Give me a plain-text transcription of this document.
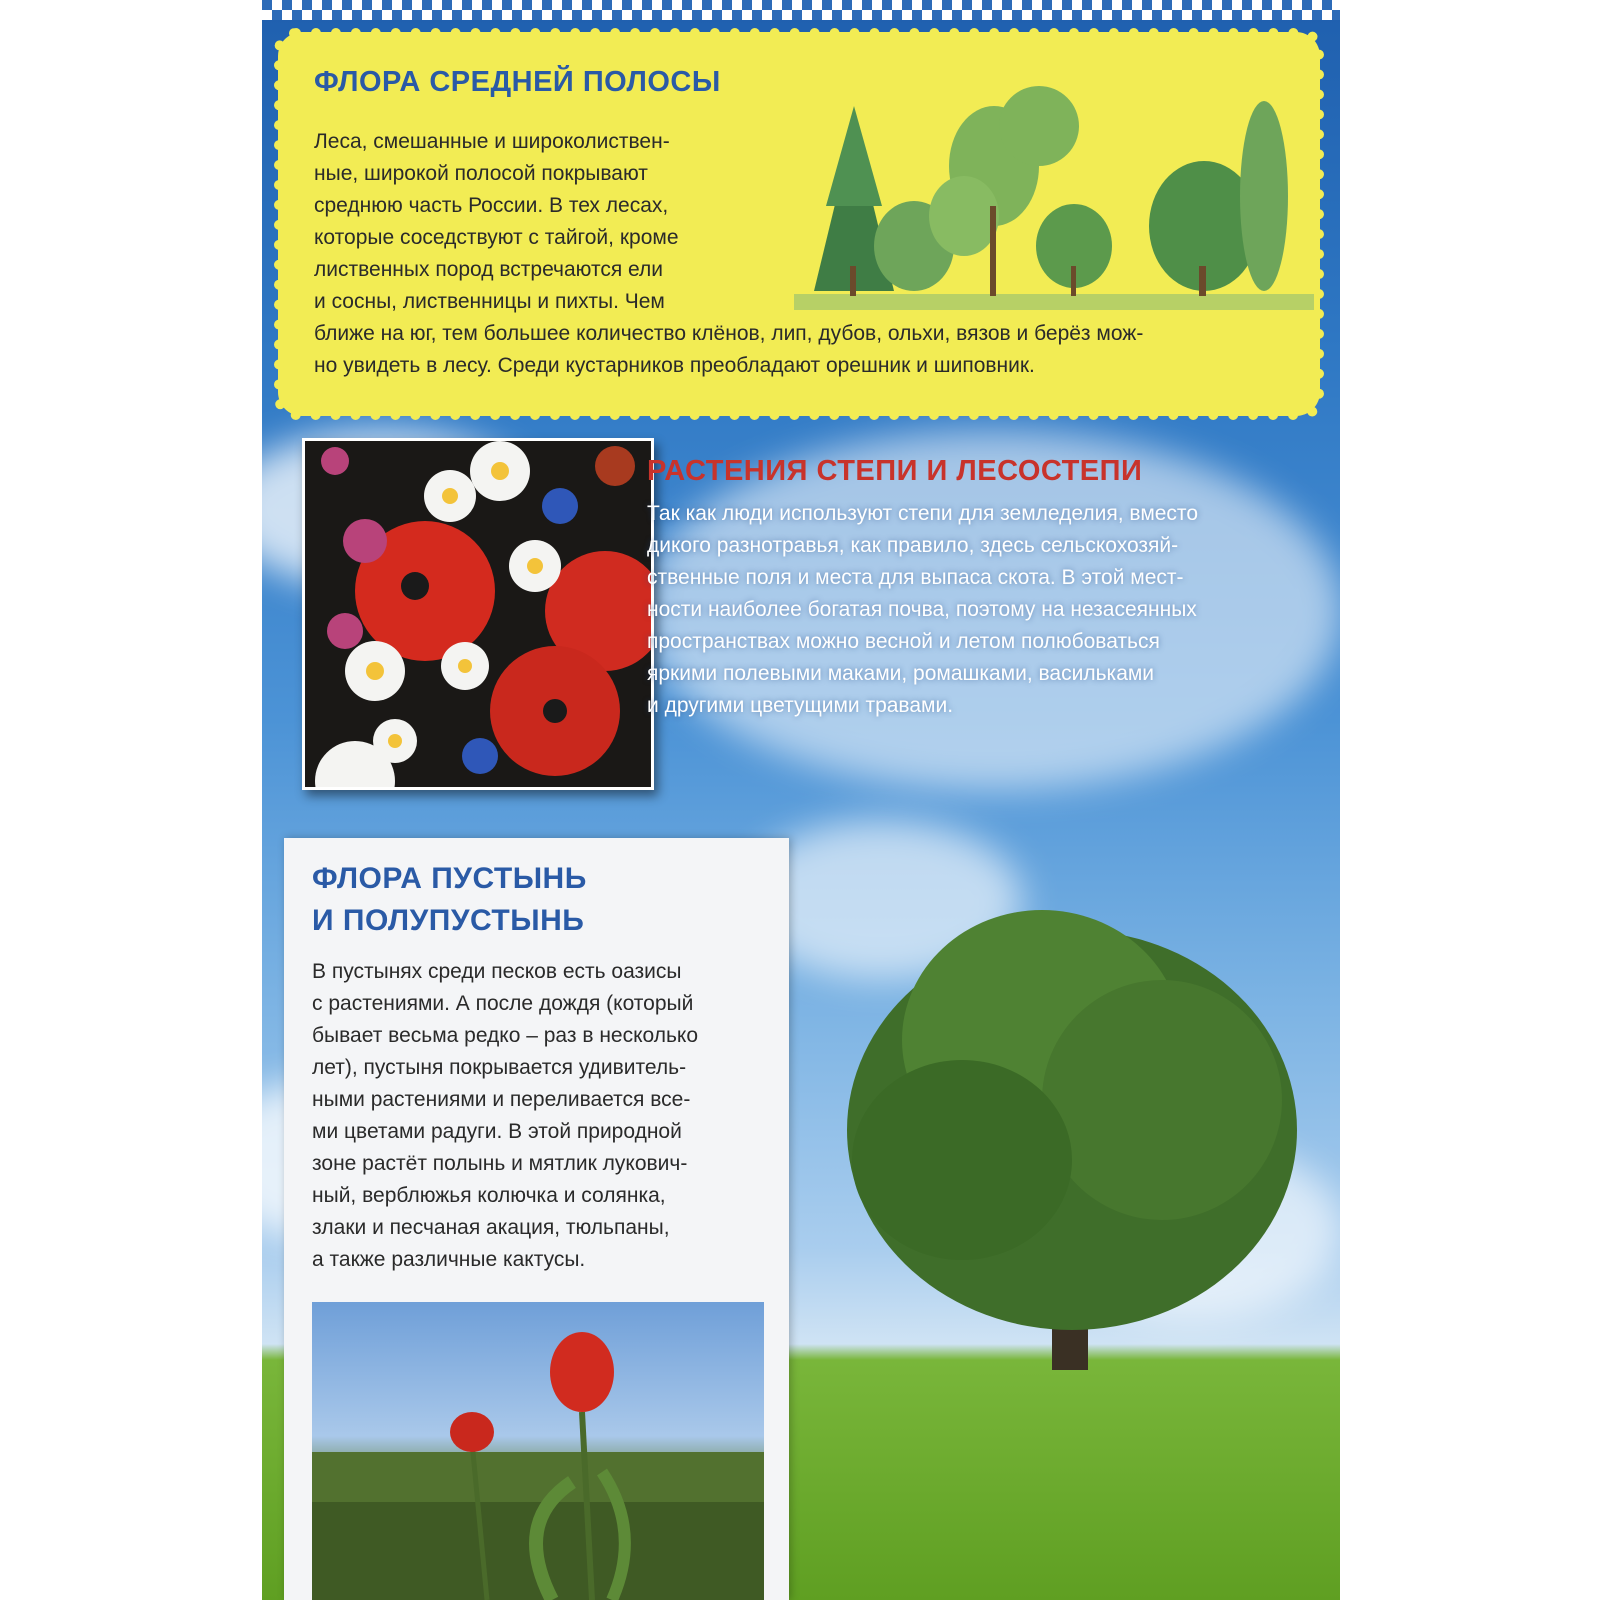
ФЛОРА СРЕДНЕЙ ПОЛОСЫ

Леса, смешанные и широколиствен-
ные, широкой полосой покрывают
среднюю часть России. В тех лесах,
которые соседствуют с тайгой, кроме
лиственных пород встречаются ели
и сосны, лиственницы и пихты. Чем
ближе на юг, тем большее количество клёнов, лип, дубов, ольхи, вязов и берёз мож-
но увидеть в лесу. Среди кустарников преобладают орешник и шиповник.

РАСТЕНИЯ СТЕПИ И ЛЕСОСТЕПИ

Так как люди используют степи для земледелия, вместо
дикого разнотравья, как правило, здесь сельскохозяй-
ственные поля и места для выпаса скота. В этой мест-
ности наиболее богатая почва, поэтому на незасеянных
пространствах можно весной и летом полюбоваться
яркими полевыми маками, ромашками, васильками
и другими цветущими травами.

ФЛОРА ПУСТЫНЬ
И ПОЛУПУСТЫНЬ

В пустынях среди песков есть оазисы
с растениями. А после дождя (который
бывает весьма редко – раз в несколько
лет), пустыня покрывается удивитель-
ными растениями и переливается все-
ми цветами радуги. В этой природной
зоне растёт полынь и мятлик лукович-
ный, верблюжья колючка и солянка,
злаки и песчаная акация, тюльпаны,
а также различные кактусы.
